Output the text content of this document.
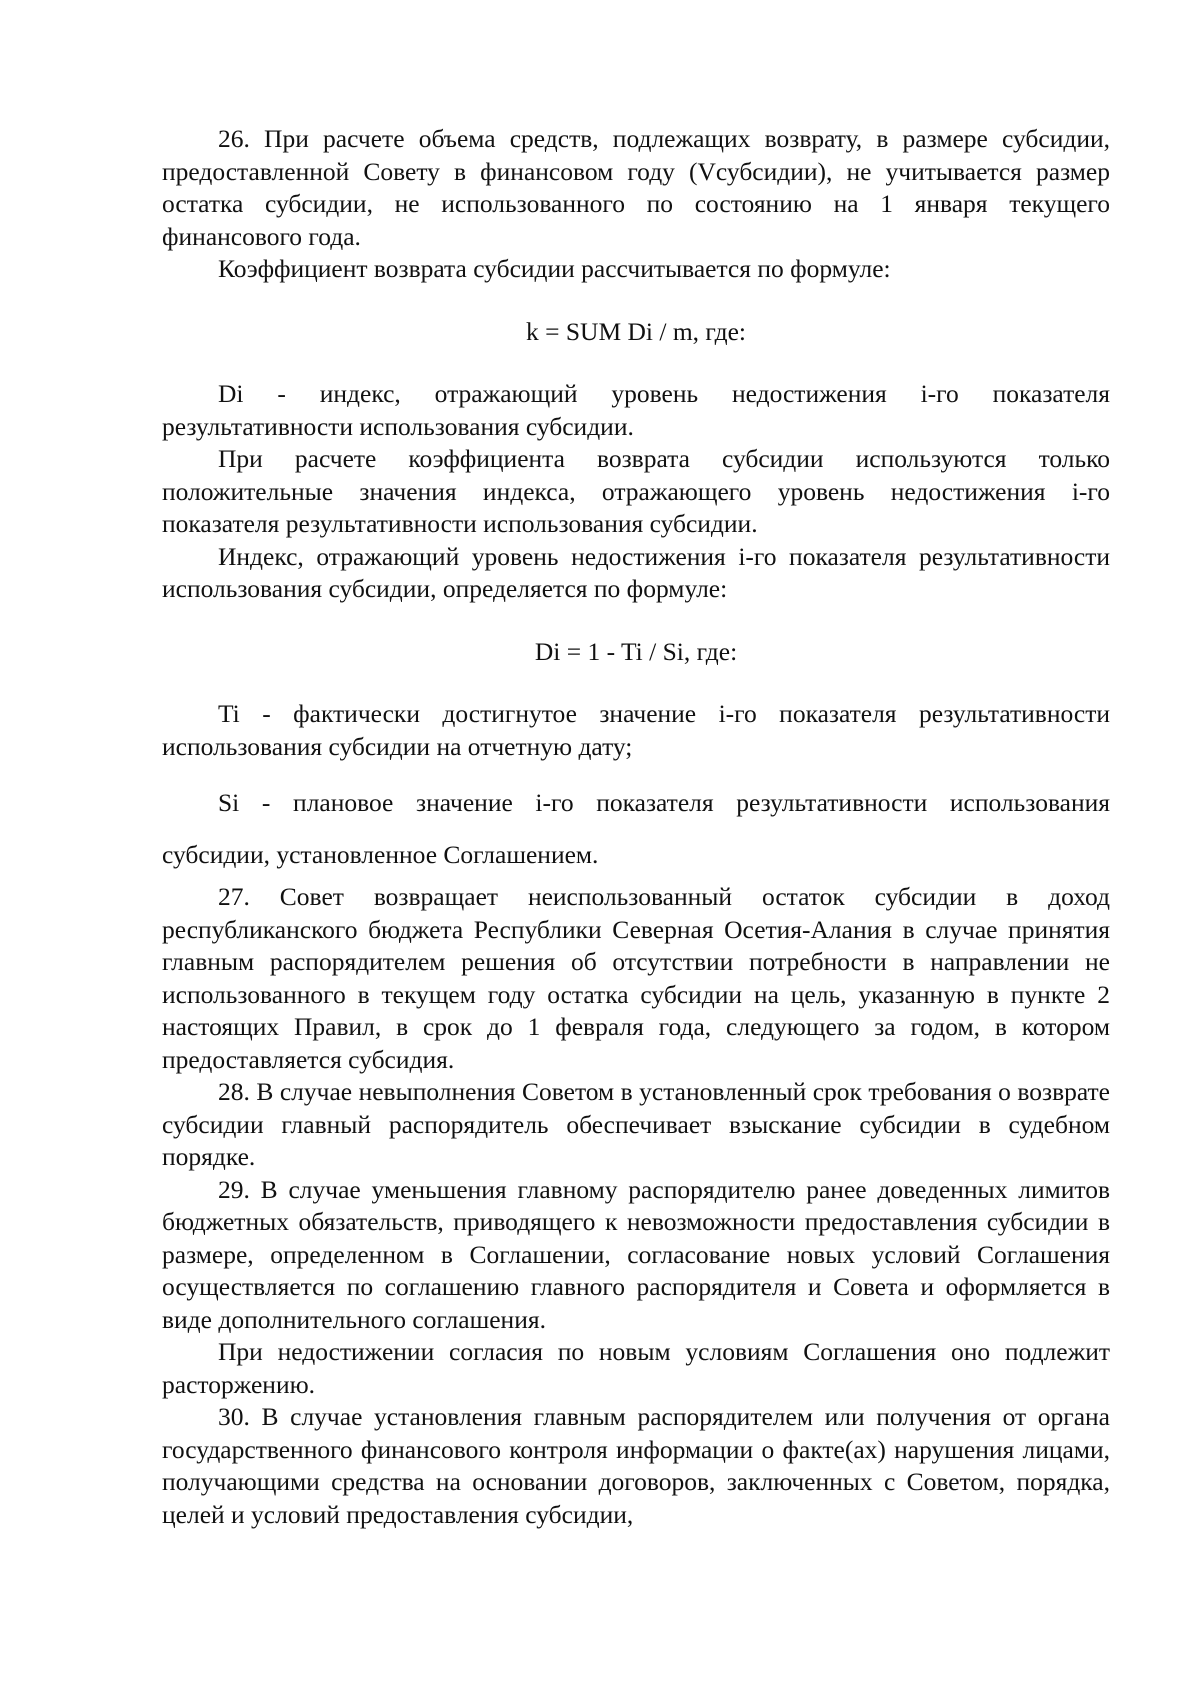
26. При расчете объема средств, подлежащих возврату, в размере субсидии, предоставленной Совету в финансовом году (Vсубсидии), не учитывается размер остатка субсидии, не использованного по состоянию на 1 января текущего финансового года.

Коэффициент возврата субсидии рассчитывается по формуле:

k = SUM Di / m, где:

Di - индекс, отражающий уровень недостижения i-го показателя результативности использования субсидии.

При расчете коэффициента возврата субсидии используются только положительные значения индекса, отражающего уровень недостижения i-го показателя результативности использования субсидии.

Индекс, отражающий уровень недостижения i-го показателя результативности использования субсидии, определяется по формуле:

Di = 1 - Ti / Si, где:

Ti - фактически достигнутое значение i-го показателя результативности использования субсидии на отчетную дату;

Si - плановое значение i-го показателя результативности использования субсидии, установленное Соглашением.

27. Совет возвращает неиспользованный остаток субсидии в доход республиканского бюджета Республики Северная Осетия-Алания в случае принятия главным распорядителем решения об отсутствии потребности в направлении не использованного в текущем году остатка субсидии на цель, указанную в пункте 2 настоящих Правил, в срок до 1 февраля года, следующего за годом, в котором предоставляется субсидия.

28. В случае невыполнения Советом в установленный срок требования о возврате субсидии главный распорядитель обеспечивает взыскание субсидии в судебном порядке.

29. В случае уменьшения главному распорядителю ранее доведенных лимитов бюджетных обязательств, приводящего к невозможности предоставления субсидии в размере, определенном в Соглашении, согласование новых условий Соглашения осуществляется по соглашению главного распорядителя и Совета и оформляется в виде дополнительного соглашения.

При недостижении согласия по новым условиям Соглашения оно подлежит расторжению.

30. В случае установления главным распорядителем или получения от органа государственного финансового контроля информации о факте(ах) нарушения лицами, получающими средства на основании договоров, заключенных с Советом, порядка, целей и условий предоставления субсидии,
